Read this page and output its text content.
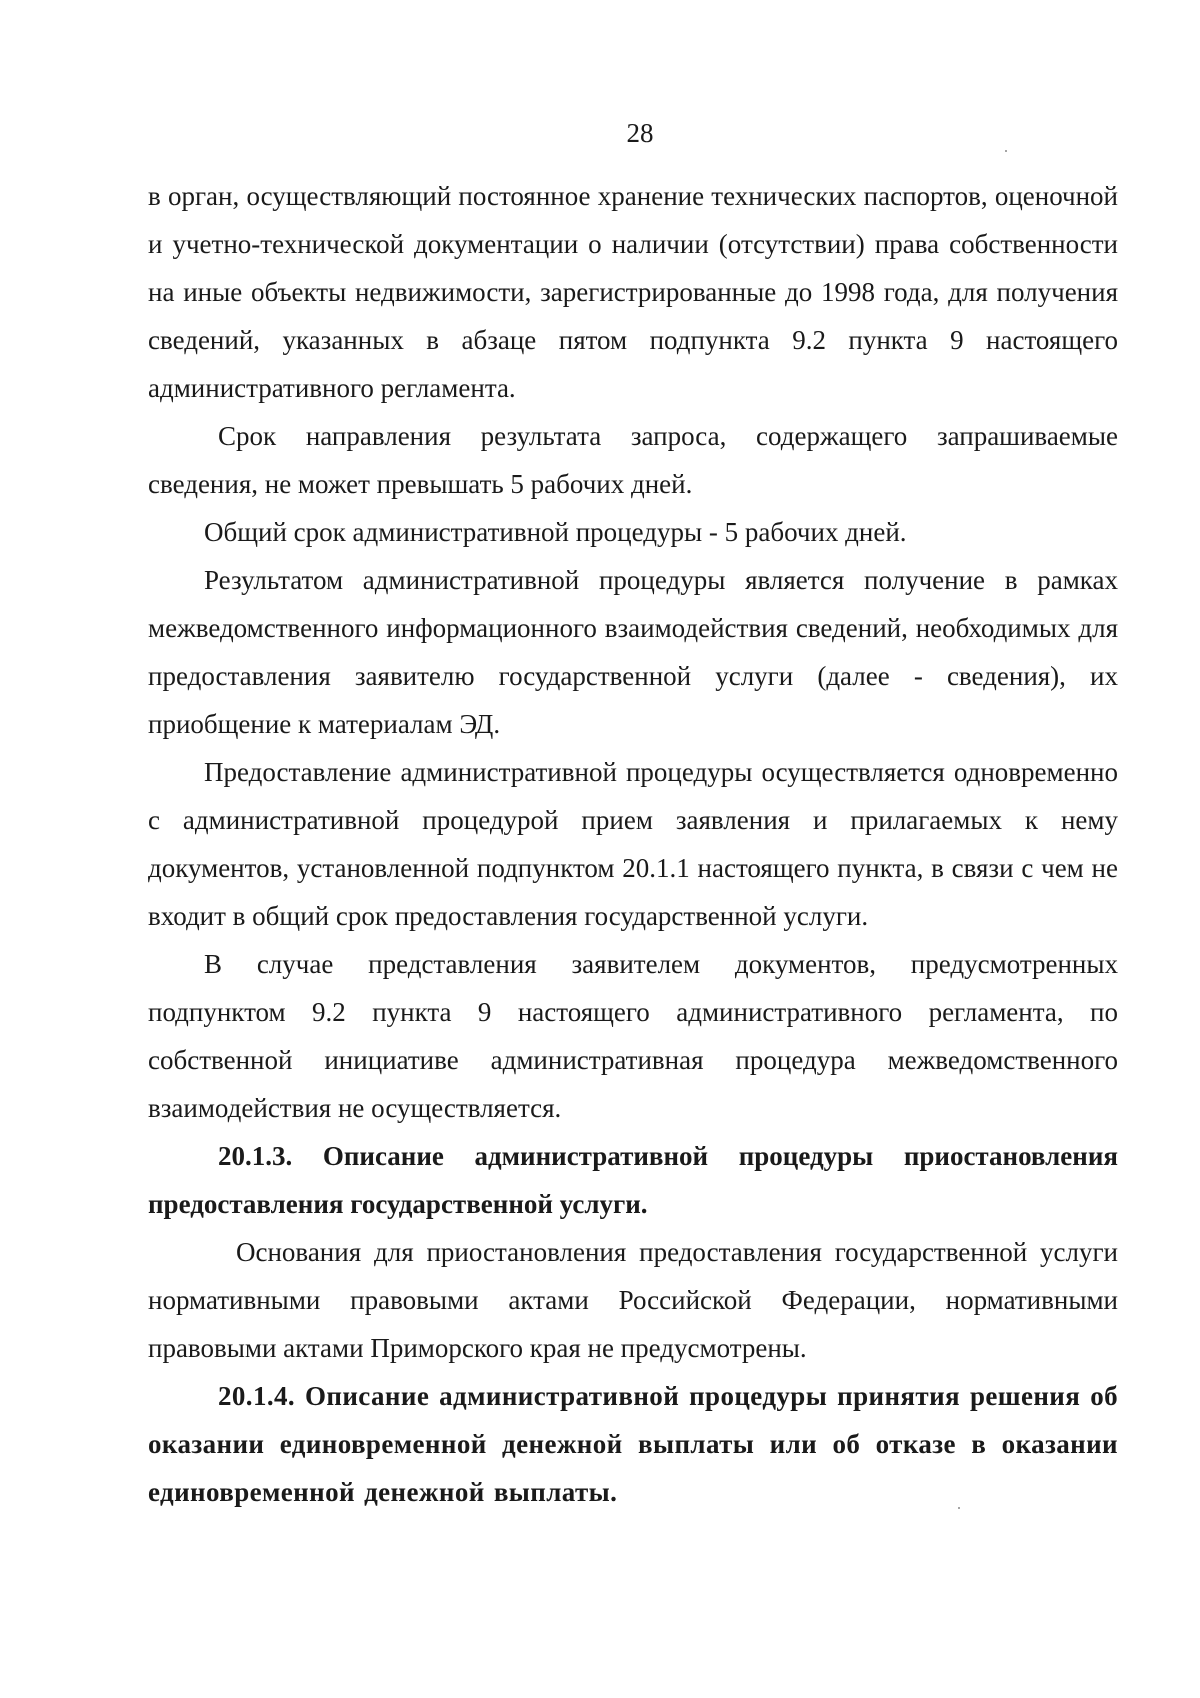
28

в орган, осуществляющий постоянное хранение технических паспортов, оценочной и учетно-технической документации о наличии (отсутствии) права собственности на иные объекты недвижимости, зарегистрированные до 1998 года, для получения сведений, указанных в абзаце пятом подпункта 9.2 пункта 9 настоящего административного регламента.

Срок направления результата запроса, содержащего запрашиваемые сведения, не может превышать 5 рабочих дней.

Общий срок административной процедуры - 5 рабочих дней.

Результатом административной процедуры является получение в рамках межведомственного информационного взаимодействия сведений, необходимых для предоставления заявителю государственной услуги (далее - сведения), их приобщение к материалам ЭД.

Предоставление административной процедуры осуществляется одновременно с административной процедурой прием заявления и прилагаемых к нему документов, установленной подпунктом 20.1.1 настоящего пункта, в связи с чем не входит в общий срок предоставления государственной услуги.

В случае представления заявителем документов, предусмотренных подпунктом 9.2 пункта 9 настоящего административного регламента, по собственной инициативе административная процедура межведомственного взаимодействия не осуществляется.

20.1.3. Описание административной процедуры приостановления предоставления государственной услуги.

Основания для приостановления предоставления государственной услуги нормативными правовыми актами Российской Федерации, нормативными правовыми актами Приморского края не предусмотрены.

20.1.4. Описание административной процедуры принятия решения об оказании единовременной денежной выплаты или об отказе в оказании единовременной денежной выплаты.
